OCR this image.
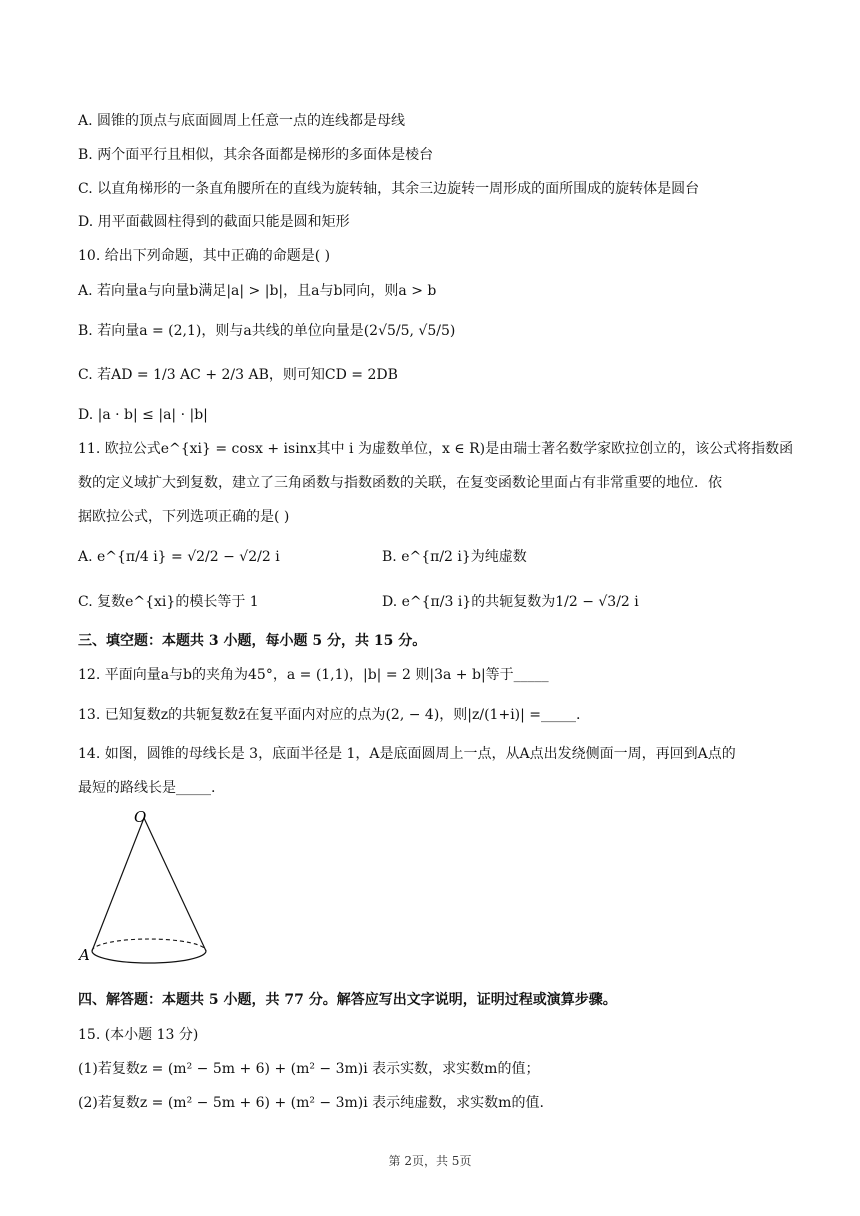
A. 圆锥的顶点与底面圆周上任意一点的连线都是母线
B. 两个面平行且相似，其余各面都是梯形的多面体是棱台
C. 以直角梯形的一条直角腰所在的直线为旋转轴，其余三边旋转一周形成的面所围成的旋转体是圆台
D. 用平面截圆柱得到的截面只能是圆和矩形
10. 给出下列命题，其中正确的命题是( )
A. 若向量a与向量b满足|a| > |b|，且a与b同向，则a > b
B. 若向量a = (2,1)，则与a共线的单位向量是(2√5/5, √5/5)
C. 若AD = 1/3 AC + 2/3 AB，则可知CD = 2DB
D. |a · b| ≤ |a| · |b|
11. 欧拉公式e^{xi} = cosx + isinx其中 i 为虚数单位，x ∈ R)是由瑞士著名数学家欧拉创立的，该公式将指数函
数的定义域扩大到复数，建立了三角函数与指数函数的关联，在复变函数论里面占有非常重要的地位．依
据欧拉公式，下列选项正确的是( )
A. e^{π/4 i} = √2/2 − √2/2 i	B. e^{π/2 i}为纯虚数
C. 复数e^{xi}的模长等于 1	D. e^{π/3 i}的共轭复数为1/2 − √3/2 i
三、填空题：本题共 3 小题，每小题 5 分，共 15 分。
12. 平面向量a与b的夹角为45°，a = (1,1)，|b| = 2 则|3a + b|等于_____
13. 已知复数z的共轭复数z̄在复平面内对应的点为(2, − 4)，则|z/(1+i)| =_____.
14. 如图，圆锥的母线长是 3，底面半径是 1，A是底面圆周上一点，从A点出发绕侧面一周，再回到A点的
最短的路线长是_____.
O
A
四、解答题：本题共 5 小题，共 77 分。解答应写出文字说明，证明过程或演算步骤。
15. (本小题 13 分)
(1)若复数z = (m² − 5m + 6) + (m² − 3m)i 表示实数，求实数m的值；
(2)若复数z = (m² − 5m + 6) + (m² − 3m)i 表示纯虚数，求实数m的值.
第 2页，共 5页
